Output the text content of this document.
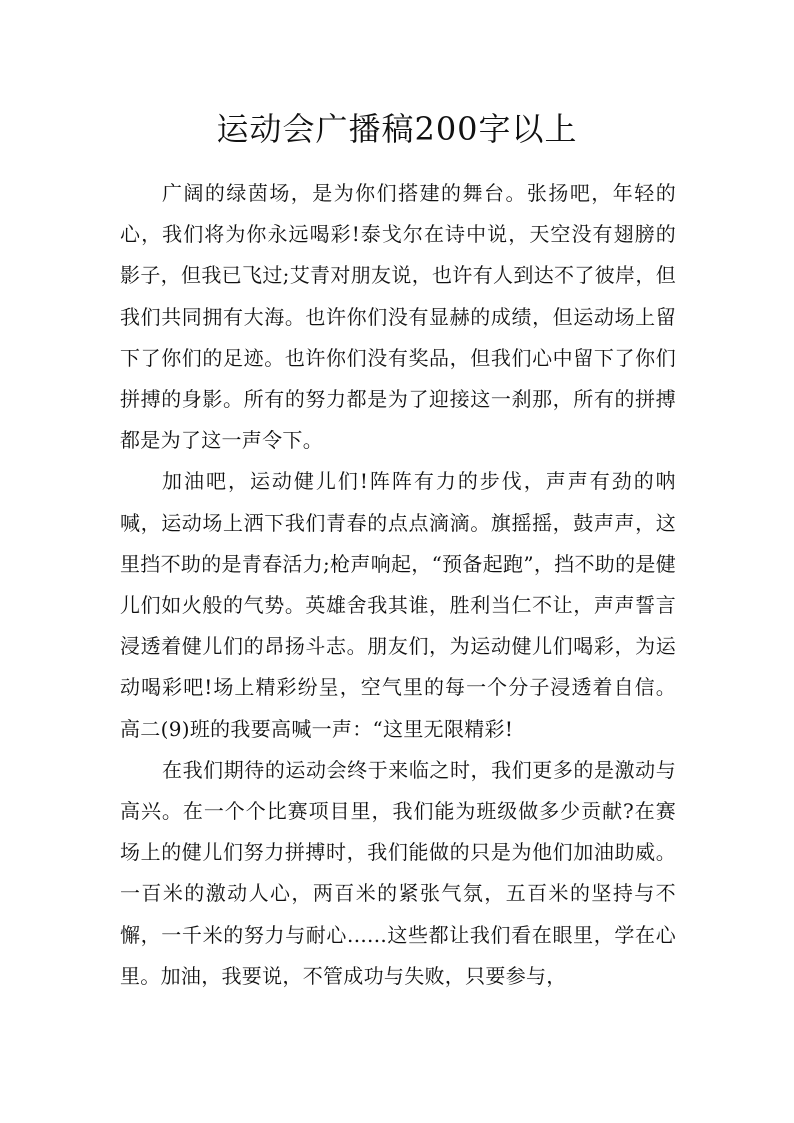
运动会广播稿200字以上

广阔的绿茵场，是为你们搭建的舞台。张扬吧，年轻的心，我们将为你永远喝彩!泰戈尔在诗中说，天空没有翅膀的影子，但我已飞过;艾青对朋友说，也许有人到达不了彼岸，但我们共同拥有大海。也许你们没有显赫的成绩，但运动场上留下了你们的足迹。也许你们没有奖品，但我们心中留下了你们拼搏的身影。所有的努力都是为了迎接这一刹那，所有的拼搏都是为了这一声令下。

加油吧，运动健儿们!阵阵有力的步伐，声声有劲的呐喊，运动场上洒下我们青春的点点滴滴。旗摇摇，鼓声声，这里挡不助的是青春活力;枪声响起，“预备起跑”，挡不助的是健儿们如火般的气势。英雄舍我其谁，胜利当仁不让，声声誓言浸透着健儿们的昂扬斗志。朋友们，为运动健儿们喝彩，为运动喝彩吧!场上精彩纷呈，空气里的每一个分子浸透着自信。高二(9)班的我要高喊一声：“这里无限精彩!

在我们期待的运动会终于来临之时，我们更多的是激动与高兴。在一个个比赛项目里，我们能为班级做多少贡献?在赛场上的健儿们努力拼搏时，我们能做的只是为他们加油助威。一百米的激动人心，两百米的紧张气氛，五百米的坚持与不懈，一千米的努力与耐心......这些都让我们看在眼里，学在心里。加油，我要说，不管成功与失败，只要参与，
